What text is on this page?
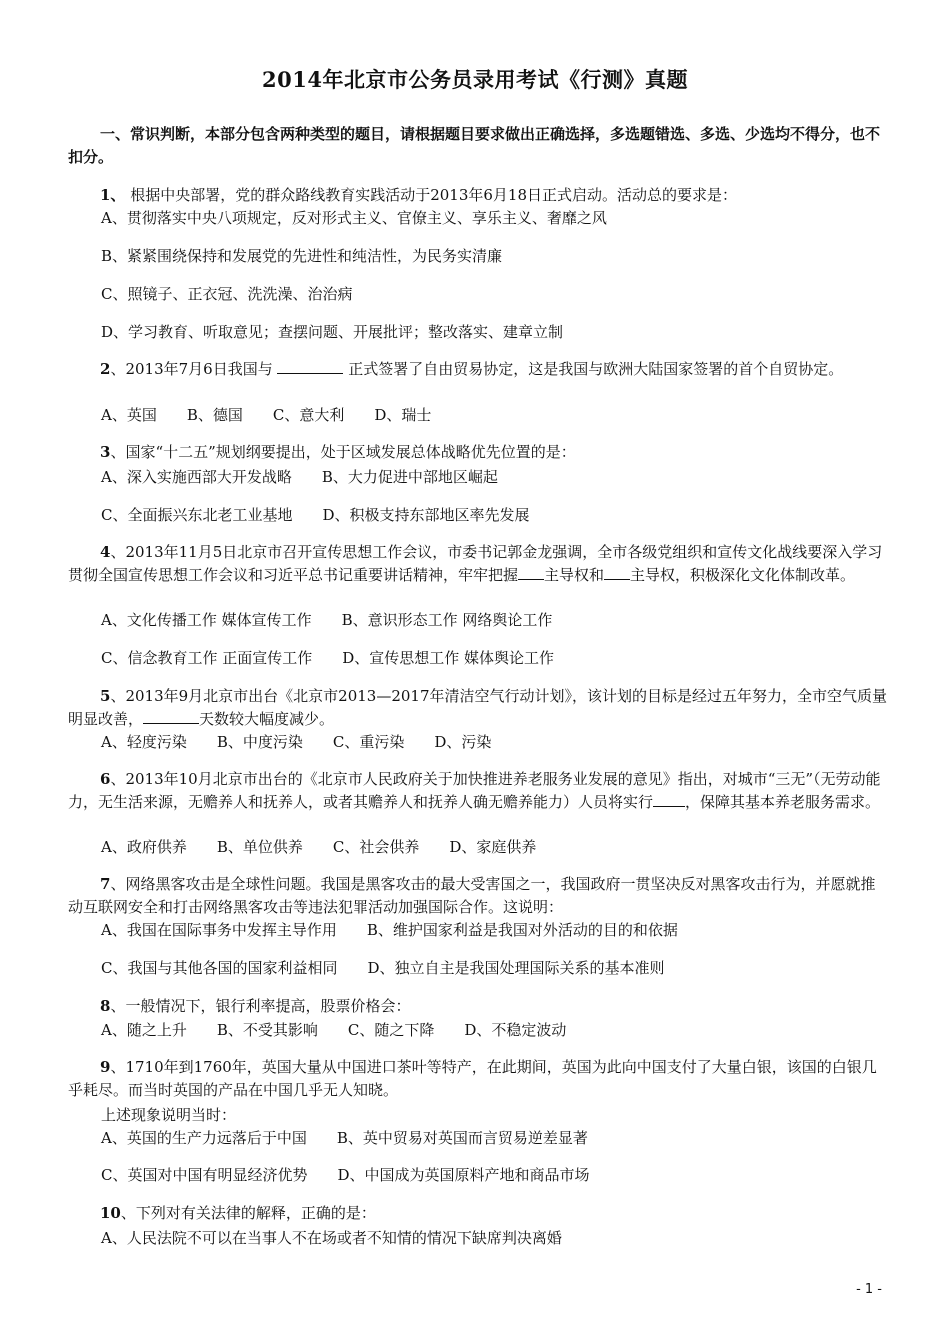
2014年北京市公务员录用考试《行测》真题
一、常识判断，本部分包含两种类型的题目，请根据题目要求做出正确选择，多选题错选、多选、少选均不得分，也不扣分。

1、 根据中央部署，党的群众路线教育实践活动于2013年6月18日正式启动。活动总的要求是：

A、贯彻落实中央八项规定，反对形式主义、官僚主义、享乐主义、奢靡之风
B、紧紧围绕保持和发展党的先进性和纯洁性，为民务实清廉
C、照镜子、正衣冠、洗洗澡、治治病
D、学习教育、听取意见；查摆问题、开展批评；整改落实、建章立制

2、2013年7月6日我国与	正式签署了自由贸易协定，这是我国与欧洲大陆国家签署的首个自贸协定。

A、英国 B、德国 C、意大利 D、瑞士

3、国家“十二五”规划纲要提出，处于区域发展总体战略优先位置的是：

A、深入实施西部大开发战略 B、大力促进中部地区崛起
C、全面振兴东北老工业基地 D、积极支持东部地区率先发展

4、2013年11月5日北京市召开宣传思想工作会议，市委书记郭金龙强调，全市各级党组织和宣传文化战线要深入学习贯彻全国宣传思想工作会议和习近平总书记重要讲话精神，牢牢把握 主导权和 主导权，积极深化文化体制改革。

A、文化传播工作 媒体宣传工作 B、意识形态工作 网络舆论工作
C、信念教育工作 正面宣传工作 D、宣传思想工作 媒体舆论工作

5、2013年9月北京市出台《北京市2013—2017年清洁空气行动计划》，该计划的目标是经过五年努力，全市空气质量明显改善，	天数较大幅度减少。

A、轻度污染 B、中度污染 C、重污染 D、污染

6、2013年10月北京市出台的《北京市人民政府关于加快推进养老服务业发展的意见》指出，对城市“三无”（无劳动能力，无生活来源，无赡养人和抚养人，或者其赡养人和抚养人确无赡养能力）人员将实行 ，保障其基本养老服务需求。

A、政府供养 B、单位供养 C、社会供养 D、家庭供养

7、网络黑客攻击是全球性问题。我国是黑客攻击的最大受害国之一，我国政府一贯坚决反对黑客攻击行为，并愿就推动互联网安全和打击网络黑客攻击等违法犯罪活动加强国际合作。这说明：

A、我国在国际事务中发挥主导作用 B、维护国家利益是我国对外活动的目的和依据
C、我国与其他各国的国家利益相同 D、独立自主是我国处理国际关系的基本准则

8、一般情况下，银行利率提高，股票价格会：

A、随之上升 B、不受其影响 C、随之下降 D、不稳定波动

9、1710年到1760年，英国大量从中国进口茶叶等特产，在此期间，英国为此向中国支付了大量白银，该国的白银几乎耗尽。而当时英国的产品在中国几乎无人知晓。

上述现象说明当时：
A、英国的生产力远落后于中国 B、英中贸易对英国而言贸易逆差显著
C、英国对中国有明显经济优势 D、中国成为英国原料产地和商品市场

10、下列对有关法律的解释，正确的是：

A、人民法院不可以在当事人不在场或者不知情的情况下缺席判决离婚
- 1 -
